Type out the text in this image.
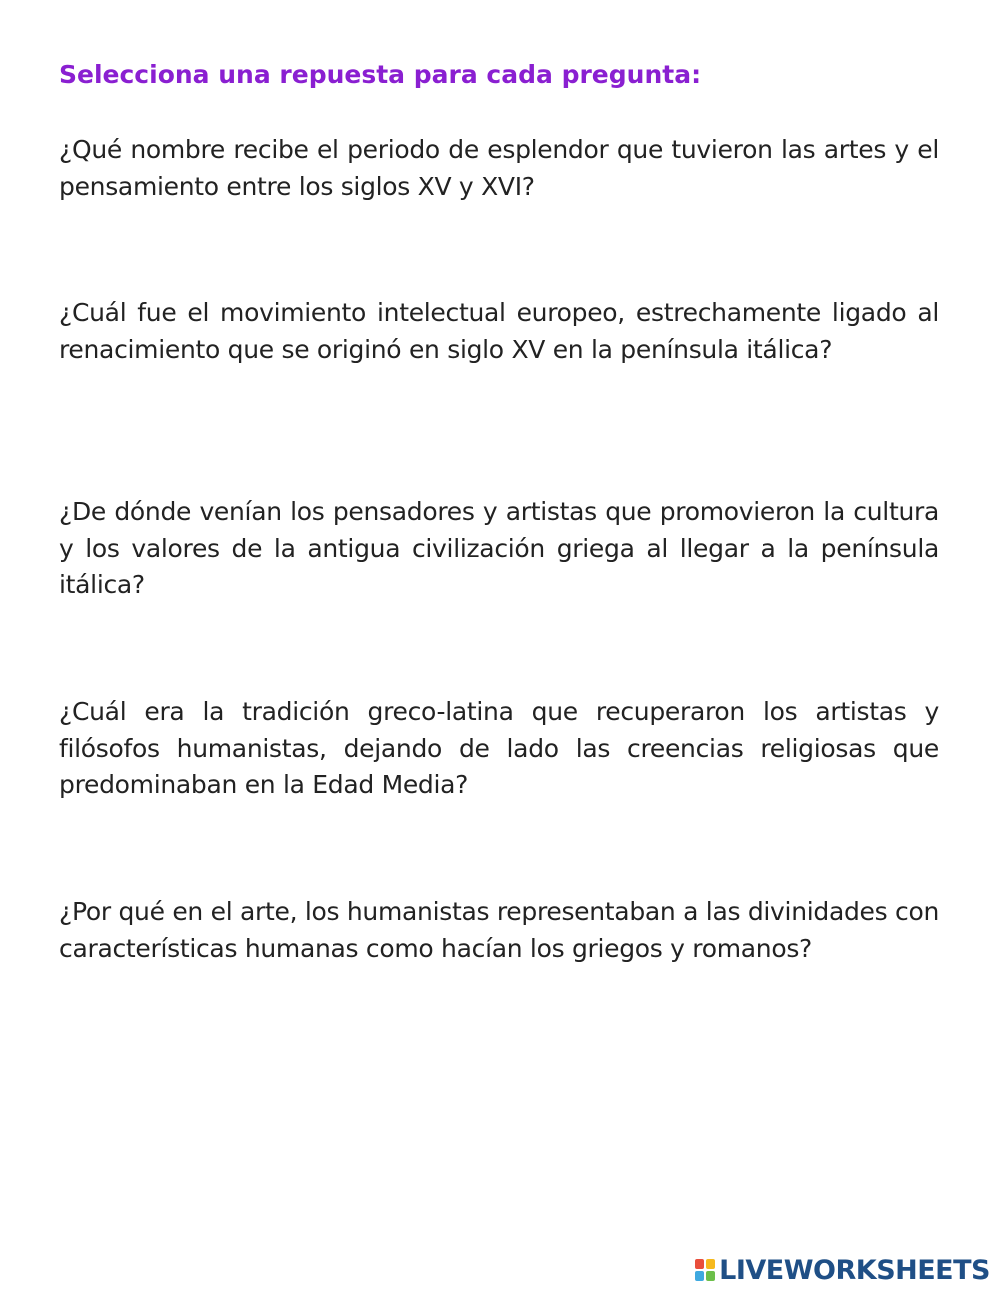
Selecciona una repuesta para cada pregunta:
¿Qué nombre recibe el periodo de esplendor que tuvieron las artes y el pensamiento entre los siglos XV y XVI?
¿Cuál fue el movimiento intelectual europeo, estrechamente ligado al renacimiento que se originó en siglo XV en la península itálica?
¿De dónde venían los pensadores y artistas que promovieron la cultura y los valores de la antigua civilización griega al llegar a la península itálica?
¿Cuál era la tradición greco-latina que recuperaron los artistas y filósofos humanistas, dejando de lado las creencias religiosas que predominaban en la Edad Media?
¿Por qué en el arte, los humanistas representaban a las divinidades con características humanas como hacían los griegos y romanos?
LIVEWORKSHEETS
